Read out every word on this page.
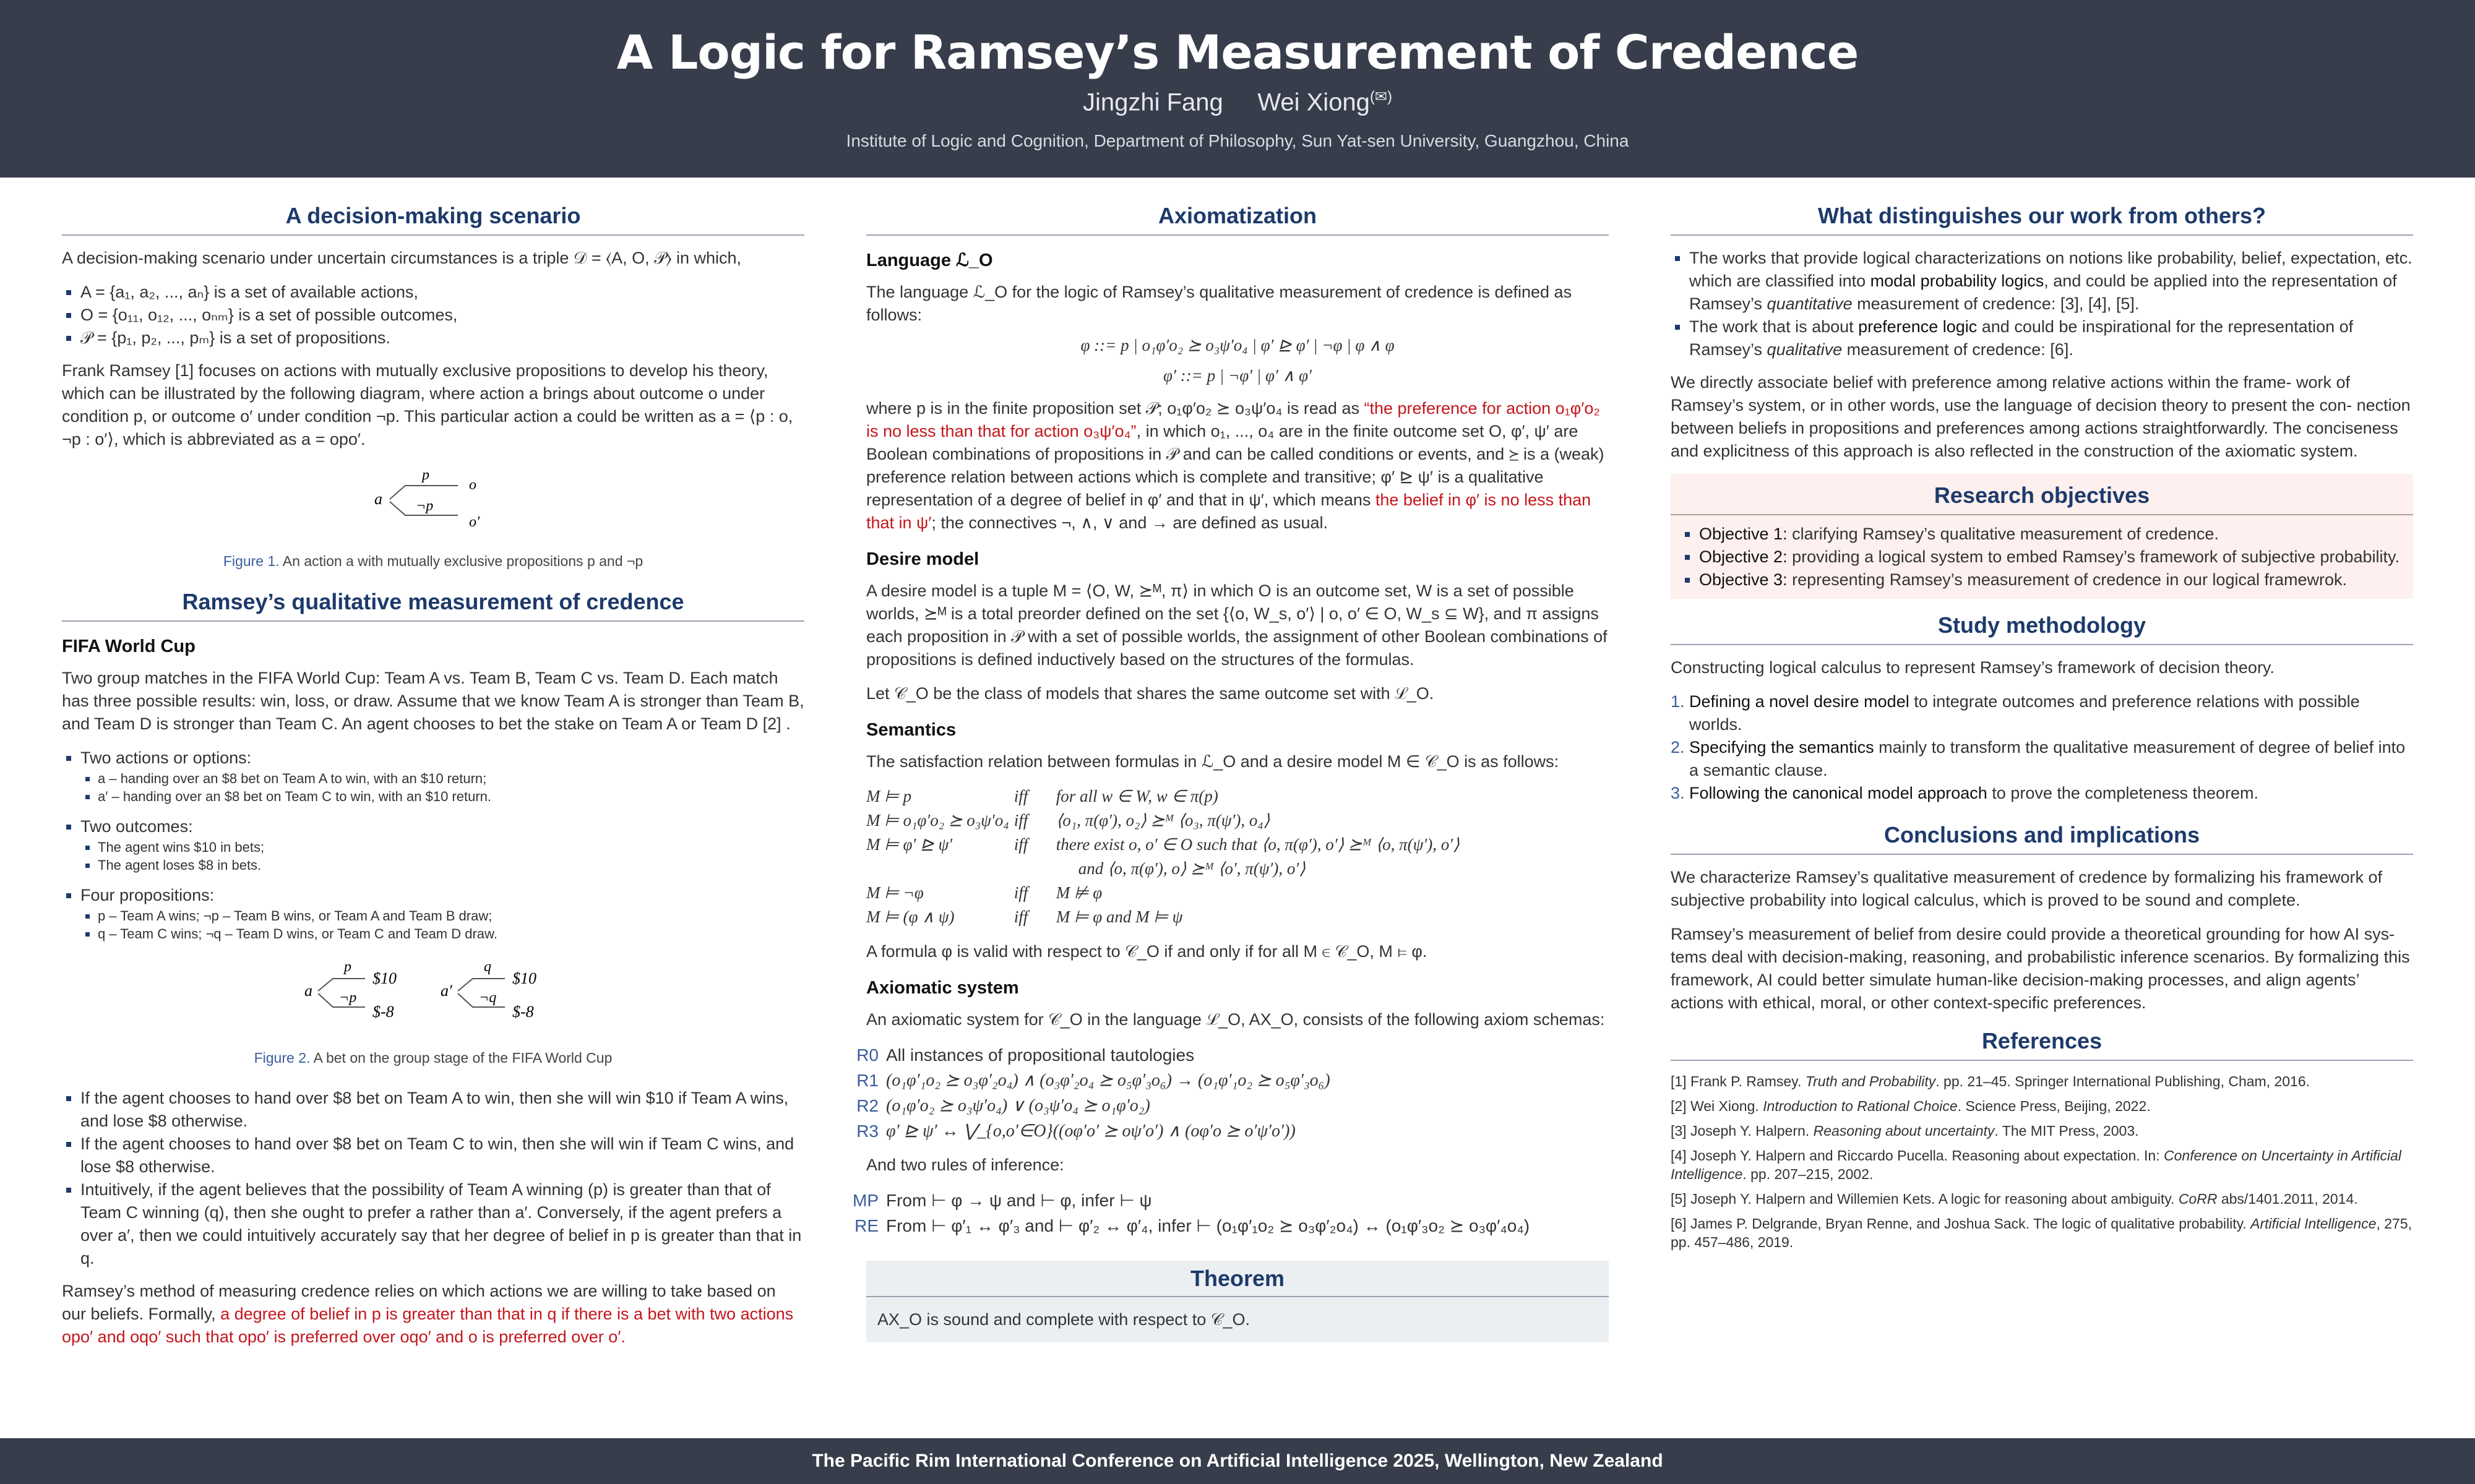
A Logic for Ramsey’s Measurement of Credence
Jingzhi Fang Wei Xiong(✉)
Institute of Logic and Cognition, Department of Philosophy, Sun Yat-sen University, Guangzhou, China
A decision-making scenario

A decision-making scenario under uncertain circumstances is a triple 𝒟 = ⟨A, O, 𝒫⟩ in which,

▪ A = {a₁, a₂, ..., aₙ} is a set of available actions,
▪ O = {o₁₁, o₁₂, ..., oₙₘ} is a set of possible outcomes,
▪ 𝒫 = {p₁, p₂, ..., pₘ} is a set of propositions.

Frank Ramsey [1] focuses on actions with mutually exclusive propositions to develop his theory, which can be illustrated by the following diagram, where action a brings about outcome o under condition p, or outcome o′ under condition ¬p. This particular action a could be written as a = ⟨p : o, ¬p : o′⟩, which is abbreviated as a = opo′.

a
p
¬p
o
o′
Figure 1. An action a with mutually exclusive propositions p and ¬p
Ramsey’s qualitative measurement of credence
FIFA World Cup

Two group matches in the FIFA World Cup: Team A vs. Team B, Team C vs. Team D. Each match has three possible results: win, loss, or draw. Assume that we know Team A is stronger than Team B, and Team D is stronger than Team C. An agent chooses to bet the stake on Team A or Team D [2] .

▪ Two actions or options:
▪ a – handing over an $8 bet on Team A to win, with an $10 return;
▪ a′ – handing over an $8 bet on Team C to win, with an $10 return.
▪ Two outcomes:
▪ The agent wins $10 in bets;
▪ The agent loses $8 in bets.
▪ Four propositions:
▪ p – Team A wins; ¬p – Team B wins, or Team A and Team B draw;
▪ q – Team C wins; ¬q – Team D wins, or Team C and Team D draw.
a
p
¬p
$10
$-8
a′
q
¬q
$10
$-8
Figure 2. A bet on the group stage of the FIFA World Cup
▪ If the agent chooses to hand over $8 bet on Team A to win, then she will win $10 if Team A wins, and lose $8 otherwise.
▪ If the agent chooses to hand over $8 bet on Team C to win, then she will win if Team C wins, and lose $8 otherwise.
▪ Intuitively, if the agent believes that the possibility of Team A winning (p) is greater than that of Team C winning (q), then she ought to prefer a rather than a′. Conversely, if the agent prefers a over a′, then we could intuitively accurately say that her degree of belief in p is greater than that in q.

Ramsey’s method of measuring credence relies on which actions we are willing to take based on our beliefs. Formally, a degree of belief in p is greater than that in q if there is a bet with two actions opo′ and oqo′ such that opo′ is preferred over oqo′ and o is preferred over o′.

Axiomatization
Language ℒ_O

The language ℒ_O for the logic of Ramsey’s qualitative measurement of credence is defined as follows:

φ ::= p | o₁φ′o₂ ⪰ o₃ψ′o₄ | φ′ ⊵ φ′ | ¬φ | φ ∧ φ
φ′ ::= p | ¬φ′ | φ′ ∧ φ′

where p is in the finite proposition set 𝒫; o₁φ′o₂ ⪰ o₃ψ′o₄ is read as “the preference for action o₁φ′o₂ is no less than that for action o₃ψ′o₄”, in which o₁, ..., o₄ are in the finite outcome set O, φ′, ψ′ are Boolean combinations of propositions in 𝒫 and can be called conditions or events, and ⪰ is a (weak) preference relation between actions which is complete and transitive; φ′ ⊵ ψ′ is a qualitative representation of a degree of belief in φ′ and that in ψ′, which means the belief in φ′ is no less than that in ψ′; the connectives ¬, ∧, ∨ and → are defined as usual.

Desire model

A desire model is a tuple M = ⟨O, W, ⪰ᴹ, π⟩ in which O is an outcome set, W is a set of possible worlds, ⪰ᴹ is a total preorder defined on the set {⟨o, W_s, o′⟩ | o, o′ ∈ O, W_s ⊆ W}, and π assigns each proposition in 𝒫 with a set of possible worlds, the assignment of other Boolean combinations of propositions is defined inductively based on the structures of the formulas.

Let 𝒞_O be the class of models that shares the same outcome set with ℒ_O.

Semantics

The satisfaction relation between formulas in ℒ_O and a desire model M ∈ 𝒞_O is as follows:

M ⊨ p	iff	for all w ∈ W, w ∈ π(p)
M ⊨ o₁φ′o₂ ⪰ o₃ψ′o₄	iff	⟨o₁, π(φ′), o₂⟩ ⪰ᴹ ⟨o₃, π(ψ′), o₄⟩
M ⊨ φ′ ⊵ ψ′	iff	there exist o, o′ ∈ O such that ⟨o, π(φ′), o′⟩ ⪰ᴹ ⟨o, π(ψ′), o′⟩
		and ⟨o, π(φ′), o⟩ ⪰ᴹ ⟨o′, π(ψ′), o′⟩
M ⊨ ¬φ	iff	M ⊭ φ
M ⊨ (φ ∧ ψ)	iff	M ⊨ φ and M ⊨ ψ

A formula φ is valid with respect to 𝒞_O if and only if for all M ∈ 𝒞_O, M ⊨ φ.

Axiomatic system

An axiomatic system for 𝒞_O in the language ℒ_O, AX_O, consists of the following axiom schemas:

R0	All instances of propositional tautologies
R1	(o₁φ′₁o₂ ⪰ o₃φ′₂o₄) ∧ (o₃φ′₂o₄ ⪰ o₅φ′₃o₆) → (o₁φ′₁o₂ ⪰ o₅φ′₃o₆)
R2	(o₁φ′o₂ ⪰ o₃ψ′o₄) ∨ (o₃ψ′o₄ ⪰ o₁φ′o₂)
R3	φ′ ⊵ ψ′ ↔ ⋁_{o,o′∈O}((oφ′o′ ⪰ oψ′o′) ∧ (oφ′o ⪰ o′ψ′o′))

And two rules of inference:

MP	From ⊢ φ → ψ and ⊢ φ, infer ⊢ ψ
RE	From ⊢ φ′₁ ↔ φ′₃ and ⊢ φ′₂ ↔ φ′₄, infer ⊢ (o₁φ′₁o₂ ⪰ o₃φ′₂o₄) ↔ (o₁φ′₃o₂ ⪰ o₃φ′₄o₄)
Theorem
AX_O is sound and complete with respect to 𝒞_O.
What distinguishes our work from others?
▪ The works that provide logical characterizations on notions like probability, belief, expectation, etc. which are classified into modal probability logics, and could be applied into the representation of Ramsey’s quantitative measurement of credence: [3], [4], [5].
▪ The work that is about preference logic and could be inspirational for the representation of Ramsey’s qualitative measurement of credence: [6].

We directly associate belief with preference among relative actions within the frame- work of Ramsey’s system, or in other words, use the language of decision theory to present the con- nection between beliefs in propositions and preferences among actions straightforwardly. The conciseness and explicitness of this approach is also reflected in the construction of the axiomatic system.

Research objectives
▪ Objective 1: clarifying Ramsey’s qualitative measurement of credence.
▪ Objective 2: providing a logical system to embed Ramsey’s framework of subjective probability.
▪ Objective 3: representing Ramsey’s measurement of credence in our logical framewrok.
Study methodology

Constructing logical calculus to represent Ramsey’s framework of decision theory.

1. Defining a novel desire model to integrate outcomes and preference relations with possible worlds.
2. Specifying the semantics mainly to transform the qualitative measurement of degree of belief into a semantic clause.
3. Following the canonical model approach to prove the completeness theorem.
Conclusions and implications

We characterize Ramsey’s qualitative measurement of credence by formalizing his framework of subjective probability into logical calculus, which is proved to be sound and complete.

Ramsey’s measurement of belief from desire could provide a theoretical grounding for how AI sys- tems deal with decision-making, reasoning, and probabilistic inference scenarios. By formalizing this framework, AI could better simulate human-like decision-making processes, and align agents’ actions with ethical, moral, or other context-specific preferences.

References
[1] Frank P. Ramsey. Truth and Probability. pp. 21–45. Springer International Publishing, Cham, 2016.
[2] Wei Xiong. Introduction to Rational Choice. Science Press, Beijing, 2022.
[3] Joseph Y. Halpern. Reasoning about uncertainty. The MIT Press, 2003.
[4] Joseph Y. Halpern and Riccardo Pucella. Reasoning about expectation. In: Conference on Uncertainty in Artificial Intelligence. pp. 207–215, 2002.
[5] Joseph Y. Halpern and Willemien Kets. A logic for reasoning about ambiguity. CoRR abs/1401.2011, 2014.
[6] James P. Delgrande, Bryan Renne, and Joshua Sack. The logic of qualitative probability. Artificial Intelligence, 275, pp. 457–486, 2019.
The Pacific Rim International Conference on Artificial Intelligence 2025, Wellington, New Zealand
